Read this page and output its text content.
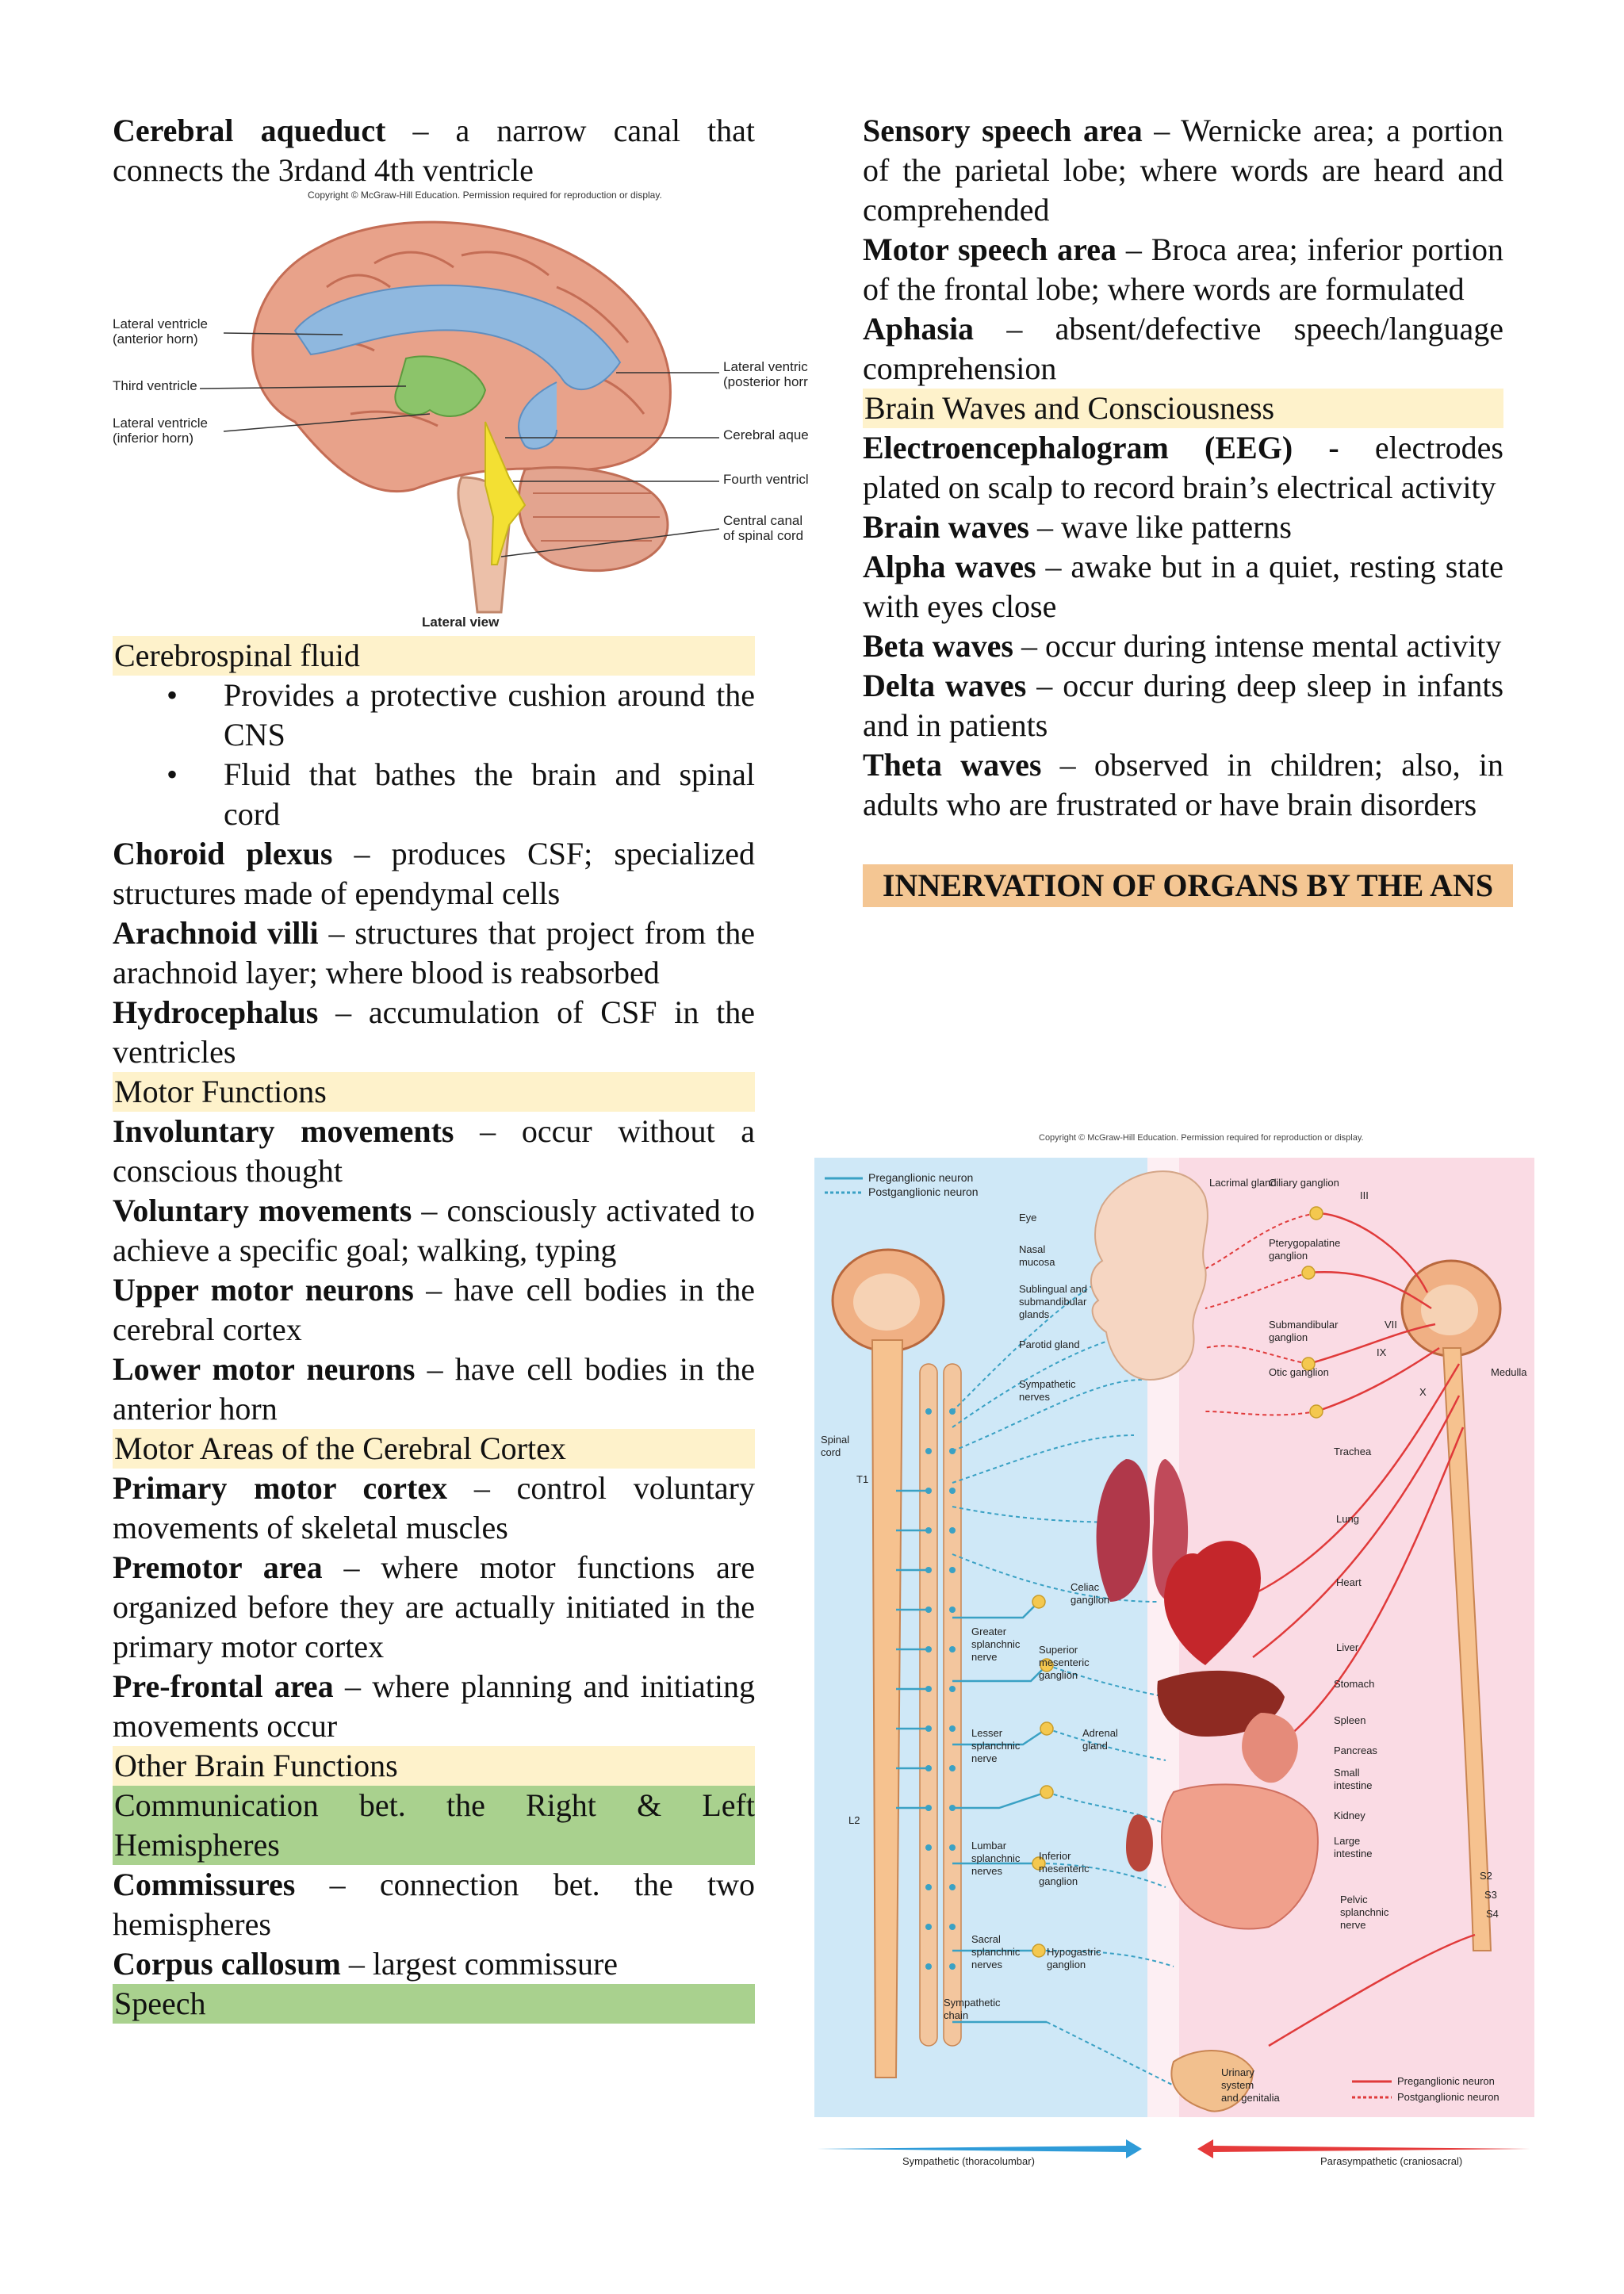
Cerebral aqueduct – a narrow canal that connects the 3rdand 4th ventricle

Copyright © McGraw-Hill Education. Permission required for reproduction or display.
Lateral ventricle
(anterior horn)
Third ventricle
Lateral ventricle
(inferior horn)
Lateral ventric
(posterior horr
Cerebral aque
Fourth ventricl
Central canal
of spinal cord
Lateral view
Cerebrospinal fluid
• Provides a protective cushion around the CNS
• Fluid that bathes the brain and spinal cord

Choroid plexus – produces CSF; specialized structures made of ependymal cells

Arachnoid villi – structures that project from the arachnoid layer; where blood is reabsorbed

Hydrocephalus – accumulation of CSF in the ventricles

Motor Functions

Involuntary movements – occur without a conscious thought

Voluntary movements – consciously activated to achieve a specific goal; walking, typing

Upper motor neurons – have cell bodies in the cerebral cortex

Lower motor neurons – have cell bodies in the anterior horn

Motor Areas of the Cerebral Cortex

Primary motor cortex – control voluntary movements of skeletal muscles

Premotor area – where motor functions are organized before they are actually initiated in the primary motor cortex

Pre-frontal area – where planning and initiating movements occur

Other Brain Functions
Communication bet. the Right & Left Hemispheres

Commissures – connection bet. the two hemispheres

Corpus callosum – largest commissure

Speech

Sensory speech area – Wernicke area; a portion of the parietal lobe; where words are heard and comprehended

Motor speech area – Broca area; inferior portion of the frontal lobe; where words are formulated

Aphasia – absent/defective speech/language comprehension

Brain Waves and Consciousness

Electroencephalogram (EEG) - electrodes plated on scalp to record brain’s electrical activity

Brain waves – wave like patterns

Alpha waves – awake but in a quiet, resting state with eyes close

Beta waves – occur during intense mental activity

Delta waves – occur during deep sleep in infants and in patients

Theta waves – observed in children; also, in adults who are frustrated or have brain disorders

INNERVATION OF ORGANS BY THE ANS
Copyright © McGraw-Hill Education. Permission required for reproduction or display.
Preganglionic neuron
Postganglionic neuron
Eye
Nasal
mucosa
Sublingual and
submandibular
glands
Parotid gland
Sympathetic
nerves
Spinal
cord
T1
Celiac
ganglion
Greater
splanchnic
nerve
Superior
mesenteric
ganglion
Lesser
splanchnic
nerve
Adrenal
gland
L2
Lumbar
splanchnic
nerves
Inferior
mesenteric
ganglion
Sacral
splanchnic
nerves
Hypogastric
ganglion
Sympathetic
chain
Lacrimal gland
Ciliary ganglion
III
Pterygopalatine
ganglion
Submandibular
ganglion
VII
IX
Otic ganglion
X
Medulla
Trachea
Lung
Heart
Liver
Stomach
Spleen
Pancreas
Small
intestine
Kidney
Large
intestine
S2
S3
S4
Pelvic
splanchnic
nerve
Urinary
system
and genitalia
Preganglionic neuron
Postganglionic neuron
Sympathetic (thoracolumbar)	Parasympathetic (craniosacral)
